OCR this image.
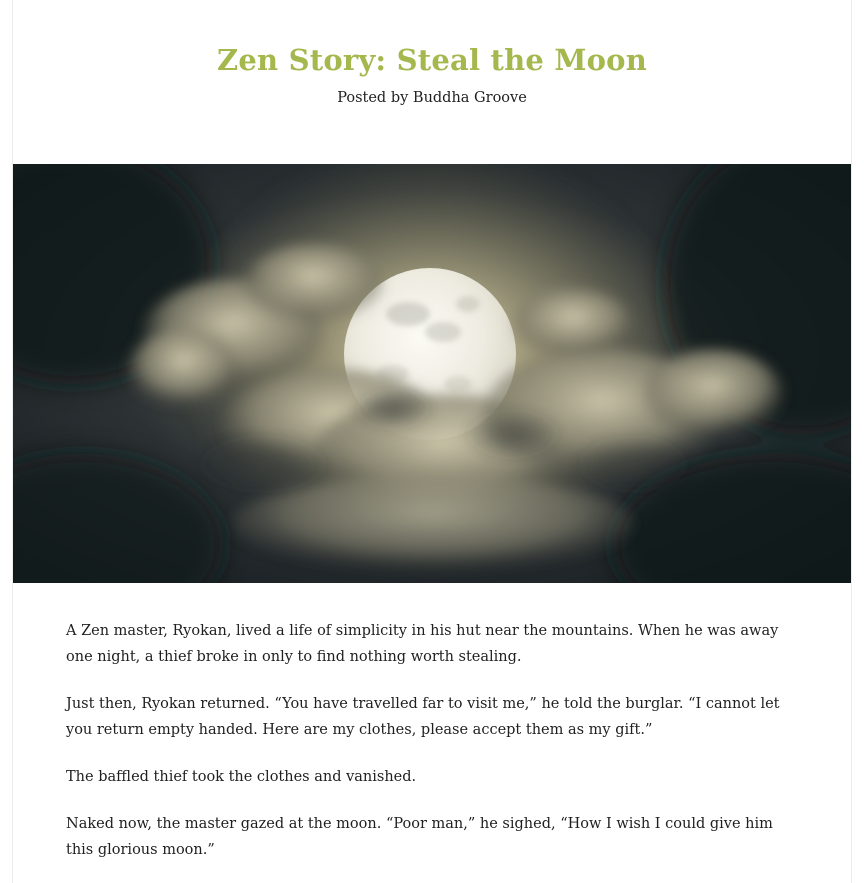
Zen Story: Steal the Moon
Posted by Buddha Groove

A Zen master, Ryokan, lived a life of simplicity in his hut near the mountains. When he was away one night, a thief broke in only to find nothing worth stealing.

Just then, Ryokan returned. “You have travelled far to visit me,” he told the burglar. “I cannot let you return empty handed. Here are my clothes, please accept them as my gift.”

The baffled thief took the clothes and vanished.

Naked now, the master gazed at the moon. “Poor man,” he sighed, “How I wish I could give him this glorious moon.”
